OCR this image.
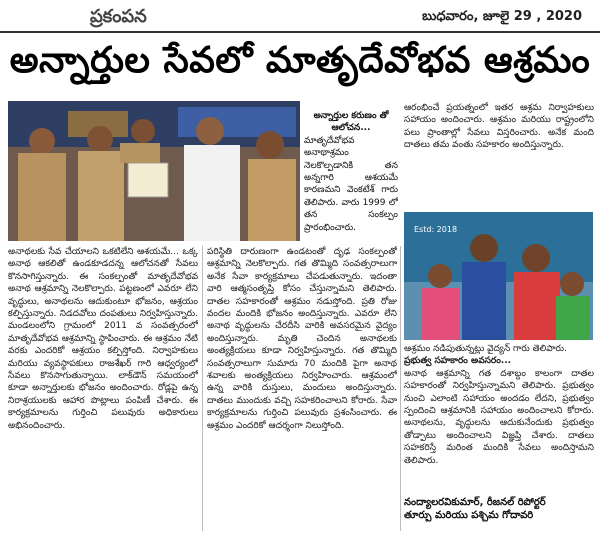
ప్రకంపన	బుధవారం, జూలై 29 , 2020
అన్నార్తుల సేవలో మాతృదేవోభవ ఆశ్రమం
అన్నార్తుల కరుణం తో ఆలోచన...
మాతృదేవోభవ అనాథాశ్రమం నెలకొల్పడానికి తన అన్నగారి ఆశయమే కారణమని వెంకటేశ్ గారు తెలిపారు. వారు 1999 లో తన సంకల్పం ప్రారంభించారు.
ఆరంభించే ప్రయత్నంలో ఇతర ఆశ్రమ నిర్వాహకులు సహాయం అందించారు. ఆశ్రమం మరియు రాష్ట్రంలోని పలు ప్రాంతాల్లో సేవలు విస్తరించారు. అనేక మంది దాతలు తమ వంతు సహకారం అందిస్తున్నారు.
Estd: 2018
అనాథలకు సేవ చేయాలని ఒకటిలేని ఆశయమే... ఒక్క అనాథ ఆకలితో ఉండకూడదన్న ఆలోచనతో సేవలు కొనసాగిస్తున్నారు. ఈ సంకల్పంతో మాతృదేవోభవ అనాథ ఆశ్రమాన్ని నెలకొల్పారు. పట్టణంలో ఎవరూ లేని వృద్ధులు, అనాథలను ఆదుకుంటూ భోజనం, ఆశ్రయం కల్పిస్తున్నారు. నిడదవోలు దంపతులు నిర్వహిస్తున్నారు. మండలంలోని గ్రామంలో 2011 వ సంవత్సరంలో మాతృదేవోభవ ఆశ్రమాన్ని స్థాపించారు. ఈ ఆశ్రమం నేటి వరకు ఎందరికో ఆశ్రయం కల్పిస్తోంది. నిర్వాహకులు మరియు వ్యవస్థాపకులు రాజశేఖర్ గారి ఆధ్వర్యంలో సేవలు కొనసాగుతున్నాయి. లాక్‌డౌన్ సమయంలో కూడా అన్నార్తులకు భోజనం అందించారు. రోడ్లపై ఉన్న నిరాశ్రయులకు ఆహార పొట్లాలు పంపిణీ చేశారు. ఈ కార్యక్రమాలను గుర్తించి పలువురు అధికారులు అభినందించారు.
పరిస్థితి దారుణంగా ఉండటంతో దృఢ సంకల్పంతో ఆశ్రమాన్ని నెలకొల్పారు. గత తొమ్మిది సంవత్సరాలుగా అనేక సేవా కార్యక్రమాలు చేపడుతున్నారు. ఇదంతా వారి ఆత్మసంతృప్తి కోసం చేస్తున్నామని తెలిపారు. దాతల సహకారంతో ఆశ్రమం నడుస్తోంది. ప్రతి రోజు వందల మందికి భోజనం అందిస్తున్నారు. ఎవరూ లేని అనాథ వృద్ధులను చేరదీసి వారికి అవసరమైన వైద్యం అందిస్తున్నారు. మృతి చెందిన అనాథలకు అంత్యక్రియలు కూడా నిర్వహిస్తున్నారు. గత తొమ్మిది సంవత్సరాలుగా సుమారు 70 మందికి పైగా అనాథ శవాలకు అంత్యక్రియలు నిర్వహించారు. ఆశ్రమంలో ఉన్న వారికి దుస్తులు, మందులు అందిస్తున్నారు. దాతలు ముందుకు వచ్చి సహకరించాలని కోరారు. సేవా కార్యక్రమాలను గుర్తించి పలువురు ప్రశంసించారు. ఈ ఆశ్రమం ఎందరికో ఆదర్శంగా నిలుస్తోంది.
ఆశ్రమం నడిపుతున్నట్లు వైద్యన్ గారు తెలిపారు.
ప్రభుత్వ సహకారం అవసరం...
అనాథ ఆశ్రమాన్ని గత దశాబ్దం కాలంగా దాతల సహకారంతో నిర్వహిస్తున్నామని తెలిపారు. ప్రభుత్వం నుంచి ఎలాంటి సహాయం అందడం లేదని, ప్రభుత్వం స్పందించి ఆశ్రమానికి సహాయం అందించాలని కోరారు. అనాథలను, వృద్ధులను ఆదుకునేందుకు ప్రభుత్వం తోడ్పాటు అందించాలని విజ్ఞప్తి చేశారు. దాతలు సహకరిస్తే మరింత మందికి సేవలు అందిస్తామని తెలిపారు.
నంద్యాలరవికుమార్, రీజనల్ రిపోర్టర్
తూర్పు మరియు పశ్చిమ గోదావరి
